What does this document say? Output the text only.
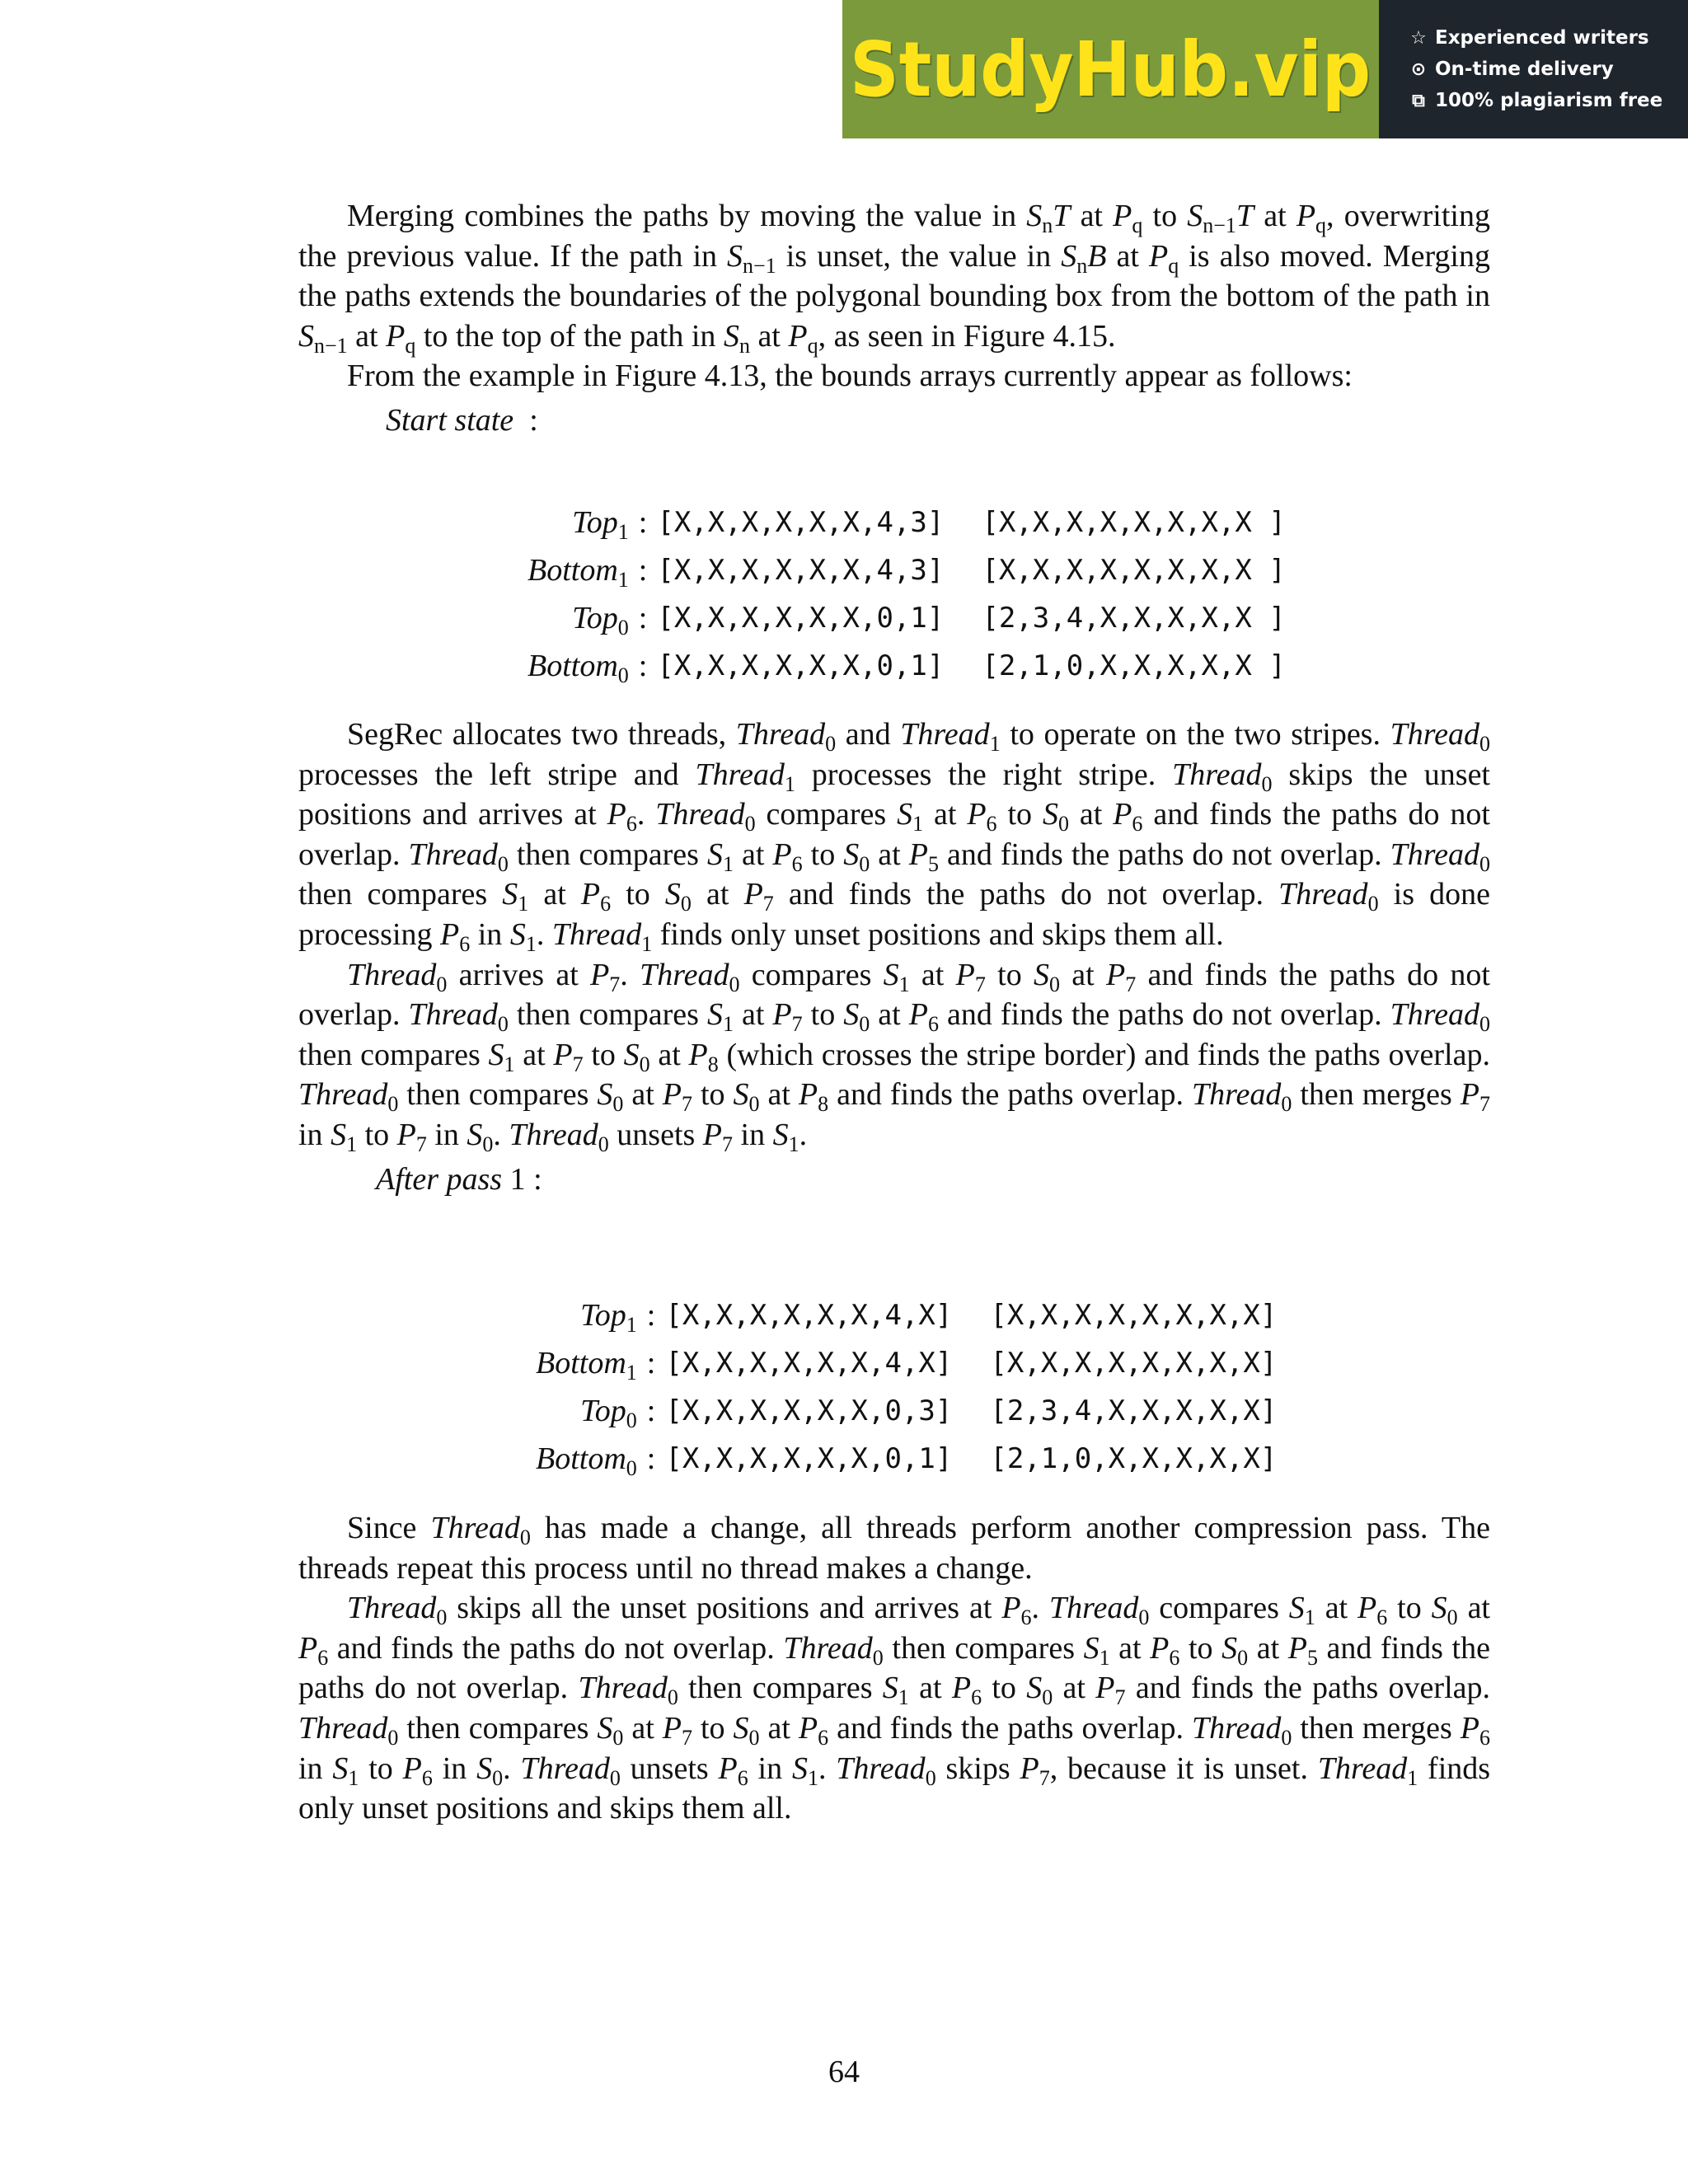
StudyHub.vip ☆ Experienced writers
⊙ On-time delivery
⧉ 100% plagiarism free

Merging combines the paths by moving the value in $S_nT$ at $P_q$ to $S_{n-1}T$ at $P_q$, overwriting the previous value. If the path in $S_{n-1}$ is unset, the value in $S_nB$ at $P_q$ is also moved. Merging the paths extends the boundaries of the polygonal bounding box from the bottom of the path in $S_{n-1}$ at $P_q$ to the top of the path in $S_n$ at $P_q$, as seen in Figure 4.15.

From the example in Figure 4.13, the bounds arrays currently appear as follows:

Start state  :
Top$_1$	:	[X,X,X,X,X,X,4,3]		[X,X,X,X,X,X,X,X ]
Bottom$_1$	:	[X,X,X,X,X,X,4,3]		[X,X,X,X,X,X,X,X ]
Top$_0$	:	[X,X,X,X,X,X,0,1]		[2,3,4,X,X,X,X,X ]
Bottom$_0$	:	[X,X,X,X,X,X,0,1]		[2,1,0,X,X,X,X,X ]

SegRec allocates two threads, Thread$_0$ and Thread$_1$ to operate on the two stripes. Thread$_0$ processes the left stripe and Thread$_1$ processes the right stripe. Thread$_0$ skips the unset positions and arrives at $P_6$. Thread$_0$ compares $S_1$ at $P_6$ to $S_0$ at $P_6$ and finds the paths do not overlap. Thread$_0$ then compares $S_1$ at $P_6$ to $S_0$ at $P_5$ and finds the paths do not overlap. Thread$_0$ then compares $S_1$ at $P_6$ to $S_0$ at $P_7$ and finds the paths do not overlap. Thread$_0$ is done processing $P_6$ in $S_1$. Thread$_1$ finds only unset positions and skips them all.

Thread$_0$ arrives at $P_7$. Thread$_0$ compares $S_1$ at $P_7$ to $S_0$ at $P_7$ and finds the paths do not overlap. Thread$_0$ then compares $S_1$ at $P_7$ to $S_0$ at $P_6$ and finds the paths do not overlap. Thread$_0$ then compares $S_1$ at $P_7$ to $S_0$ at $P_8$ (which crosses the stripe border) and finds the paths overlap. Thread$_0$ then compares $S_0$ at $P_7$ to $S_0$ at $P_8$ and finds the paths overlap. Thread$_0$ then merges $P_7$ in $S_1$ to $P_7$ in $S_0$. Thread$_0$ unsets $P_7$ in $S_1$.

After pass 1 :
Top$_1$	:	[X,X,X,X,X,X,4,X]		[X,X,X,X,X,X,X,X]
Bottom$_1$	:	[X,X,X,X,X,X,4,X]		[X,X,X,X,X,X,X,X]
Top$_0$	:	[X,X,X,X,X,X,0,3]		[2,3,4,X,X,X,X,X]
Bottom$_0$	:	[X,X,X,X,X,X,0,1]		[2,1,0,X,X,X,X,X]

Since Thread$_0$ has made a change, all threads perform another compression pass. The threads repeat this process until no thread makes a change.

Thread$_0$ skips all the unset positions and arrives at $P_6$. Thread$_0$ compares $S_1$ at $P_6$ to $S_0$ at $P_6$ and finds the paths do not overlap. Thread$_0$ then compares $S_1$ at $P_6$ to $S_0$ at $P_5$ and finds the paths do not overlap. Thread$_0$ then compares $S_1$ at $P_6$ to $S_0$ at $P_7$ and finds the paths overlap. Thread$_0$ then compares $S_0$ at $P_7$ to $S_0$ at $P_6$ and finds the paths overlap. Thread$_0$ then merges $P_6$ in $S_1$ to $P_6$ in $S_0$. Thread$_0$ unsets $P_6$ in $S_1$. Thread$_0$ skips $P_7$, because it is unset. Thread$_1$ finds only unset positions and skips them all.

64
